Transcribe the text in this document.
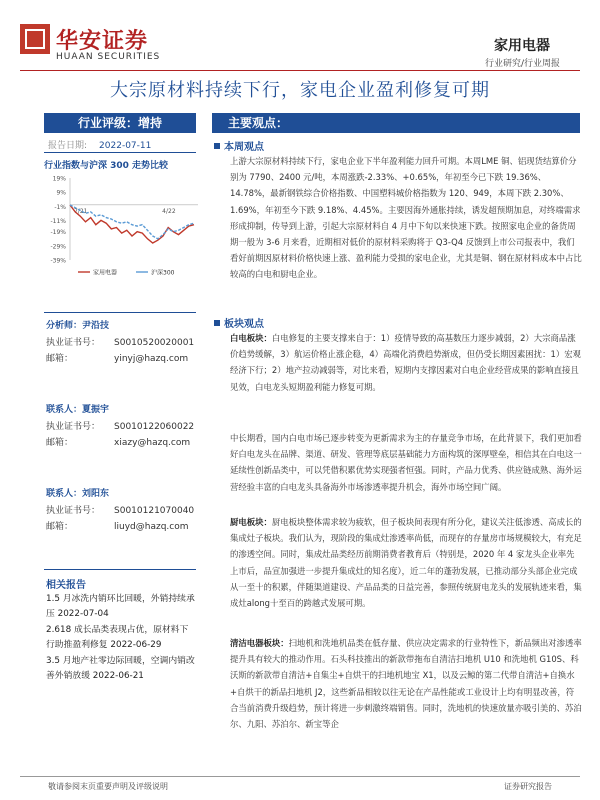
华安证券
HUAAN SECURITIES
家用电器
行业研究/行业周报
大宗原材料持续下行，家电企业盈利修复可期
行业评级：增持
报告日期: 2022-07-11
行业指数与沪深 300 走势比较
19%
9%
-1%
-11%
-19%
-29%
-39%
7/21	4/22
家用电器	沪深300
分析师：尹沿技
执业证书号： S0010520020001
邮箱：	yinyj@hazq.com
联系人：夏振宇
执业证书号： S0010122060022
邮箱：	xiazy@hazq.com
联系人：刘阳东
执业证书号： S0010121070040
邮箱：	liuyd@hazq.com
相关报告
1.5 月冰洗内销环比回暖，外销持续承压 2022-07-04
2.618 成长品类表现占优，原材料下行助推盈利修复 2022-06-29
3.5 月地产社零边际回暖，空调内销改善外销放缓 2022-06-21
主要观点：
本周观点
上游大宗原材料持续下行，家电企业下半年盈利能力回升可期。本周LME 铜、铝现货结算价分别为 7790、2400 元/吨，本周涨跌-2.33%、+0.65%，年初至今已下跌 19.36%、14.78%，最新钢铁综合价格指数、中国塑料城价格指数为 120、949，本周下跌 2.30%、1.69%，年初至今下跌 9.18%、4.45%。主要因海外通胀持续，诱发超预期加息，对终端需求形成抑制，传导到上游，引起大宗原材料自 4 月中下旬以来快速下跌。按照家电企业的备货周期一般为 3-6 月来看，近期相对低价的原材料采购将于 Q3-Q4 反馈到上市公司报表中，我们看好前期因原材料价格快速上涨、盈利能力受损的家电企业，尤其是铜、钢在原材料成本中占比较高的白电和厨电企业。
板块观点
白电板块：白电修复的主要支撑来自于：1）疫情导致的高基数压力逐步减弱，2）大宗商品涨价趋势缓解，3）航运价格止涨企稳，4）高端化消费趋势渐成，但仍受长期因素困扰：1）宏观经济下行；2）地产拉动减弱等，对比来看，短期内支撑因素对白电企业经营成果的影响直接且见效，白电龙头短期盈利能力修复可期。
中长期看，国内白电市场已逐步转变为更新需求为主的存量竞争市场，在此背景下，我们更加看好白电龙头在品牌、渠道、研发、管理等底层基础能力方面构筑的深厚壁垒，相信其在白电这一延续性创新品类中，可以凭借积累优势实现强者恒强。同时，产品力优秀、供应链成熟、海外运营经验丰富的白电龙头具备海外市场渗透率提升机会，海外市场空间广阔。
厨电板块：厨电板块整体需求较为疲软，但子板块间表现有所分化，建议关注低渗透、高成长的集成灶子板块。我们认为，现阶段的集成灶渗透率尚低，而现存的存量房市场规模较大，有充足的渗透空间。同时，集成灶品类经历前期消费者教育后（特别是，2020 年 4 家龙头企业率先上市后，品宣加强进一步提升集成灶的知名度），近二年的蓬勃发展，已推动部分头部企业完成从一至十的积累，伴随渠道建设、产品品类的日益完善，参照传统厨电龙头的发展轨迹来看，集成灶along十至百的跨越式发展可期。
清洁电器板块：扫地机和洗地机品类在低存量、供应决定需求的行业特性下，新品频出对渗透率提升具有较大的推动作用。石头科技推出的新款带拖布自清洁扫地机 U10 和洗地机 G10S、科沃斯的新款带自清洁+自集尘+自烘干的扫地机地宝 X1，以及云鲸的第二代带自清洁+自换水+自烘干的新品扫地机 J2，这些新品相较以往无论在产品性能或工业设计上均有明显改善，符合当前消费升级趋势，预计将进一步刺激终端销售。同时，洗地机的快速放量亦吸引美的、苏泊尔、九阳、苏泊尔、新宝等企
敬请参阅末页重要声明及评级说明	证券研究报告
